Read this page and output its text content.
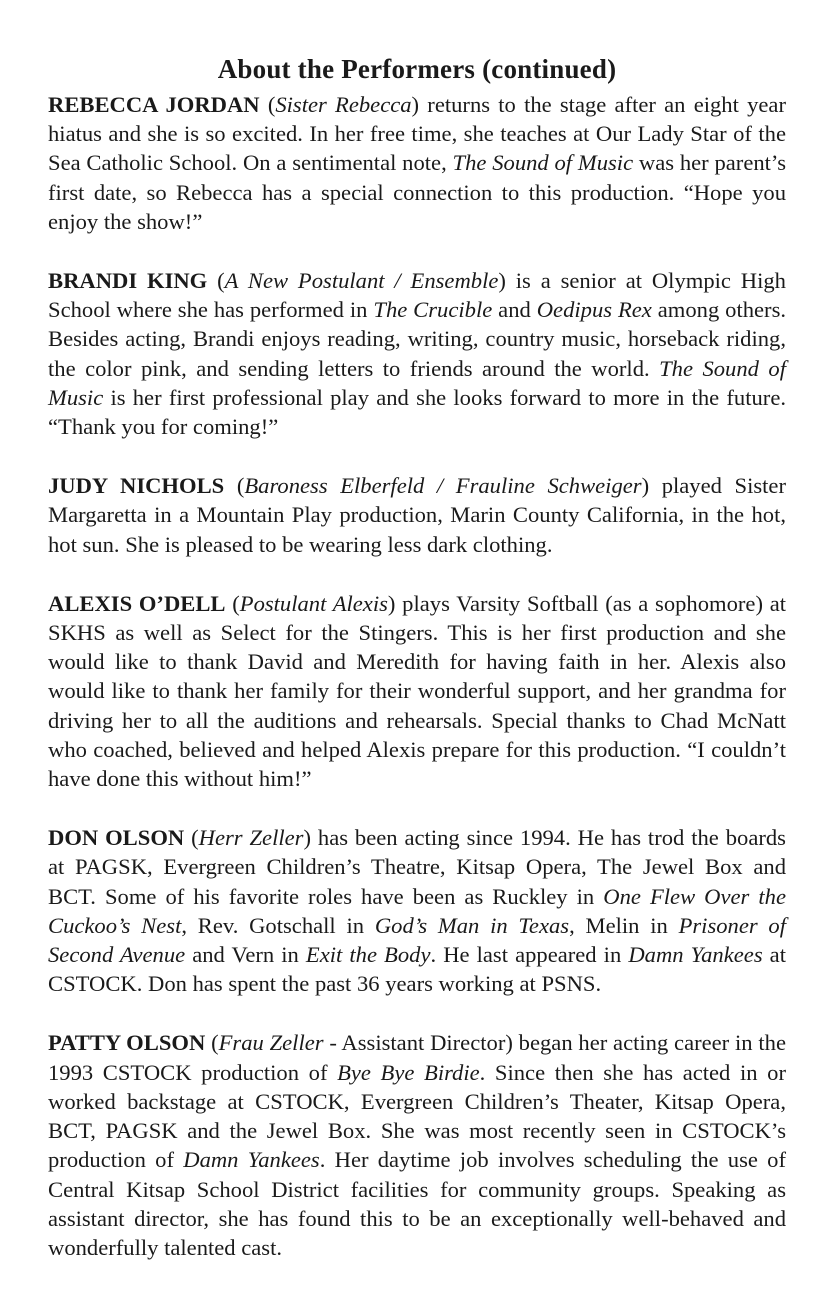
About the Performers (continued)

REBECCA JORDAN (Sister Rebecca) returns to the stage after an eight year hiatus and she is so excited. In her free time, she teaches at Our Lady Star of the Sea Catholic School. On a sentimental note, The Sound of Music was her parent’s first date, so Rebecca has a special connection to this production. “Hope you enjoy the show!”

BRANDI KING (A New Postulant / Ensemble) is a senior at Olympic High School where she has performed in The Crucible and Oedipus Rex among others. Besides acting, Brandi enjoys reading, writing, country music, horseback riding, the color pink, and sending letters to friends around the world. The Sound of Music is her first professional play and she looks forward to more in the future. “Thank you for coming!”

JUDY NICHOLS (Baroness Elberfeld / Frauline Schweiger) played Sister Margaretta in a Mountain Play production, Marin County California, in the hot, hot sun. She is pleased to be wearing less dark clothing.

ALEXIS O’DELL (Postulant Alexis) plays Varsity Softball (as a sophomore) at SKHS as well as Select for the Stingers. This is her first production and she would like to thank David and Meredith for having faith in her. Alexis also would like to thank her family for their wonderful support, and her grandma for driving her to all the auditions and rehearsals. Special thanks to Chad McNatt who coached, believed and helped Alexis prepare for this production. “I couldn’t have done this without him!”

DON OLSON (Herr Zeller) has been acting since 1994. He has trod the boards at PAGSK, Evergreen Children’s Theatre, Kitsap Opera, The Jewel Box and BCT. Some of his favorite roles have been as Ruckley in One Flew Over the Cuckoo’s Nest, Rev. Gotschall in God’s Man in Texas, Melin in Prisoner of Second Avenue and Vern in Exit the Body. He last appeared in Damn Yankees at CSTOCK. Don has spent the past 36 years working at PSNS.

PATTY OLSON (Frau Zeller - Assistant Director) began her acting career in the 1993 CSTOCK production of Bye Bye Birdie. Since then she has acted in or worked backstage at CSTOCK, Evergreen Children’s Theater, Kitsap Opera, BCT, PAGSK and the Jewel Box. She was most recently seen in CSTOCK’s production of Damn Yankees. Her daytime job involves scheduling the use of Central Kitsap School District facilities for community groups. Speaking as assistant director, she has found this to be an exceptionally well-behaved and wonderfully talented cast.
